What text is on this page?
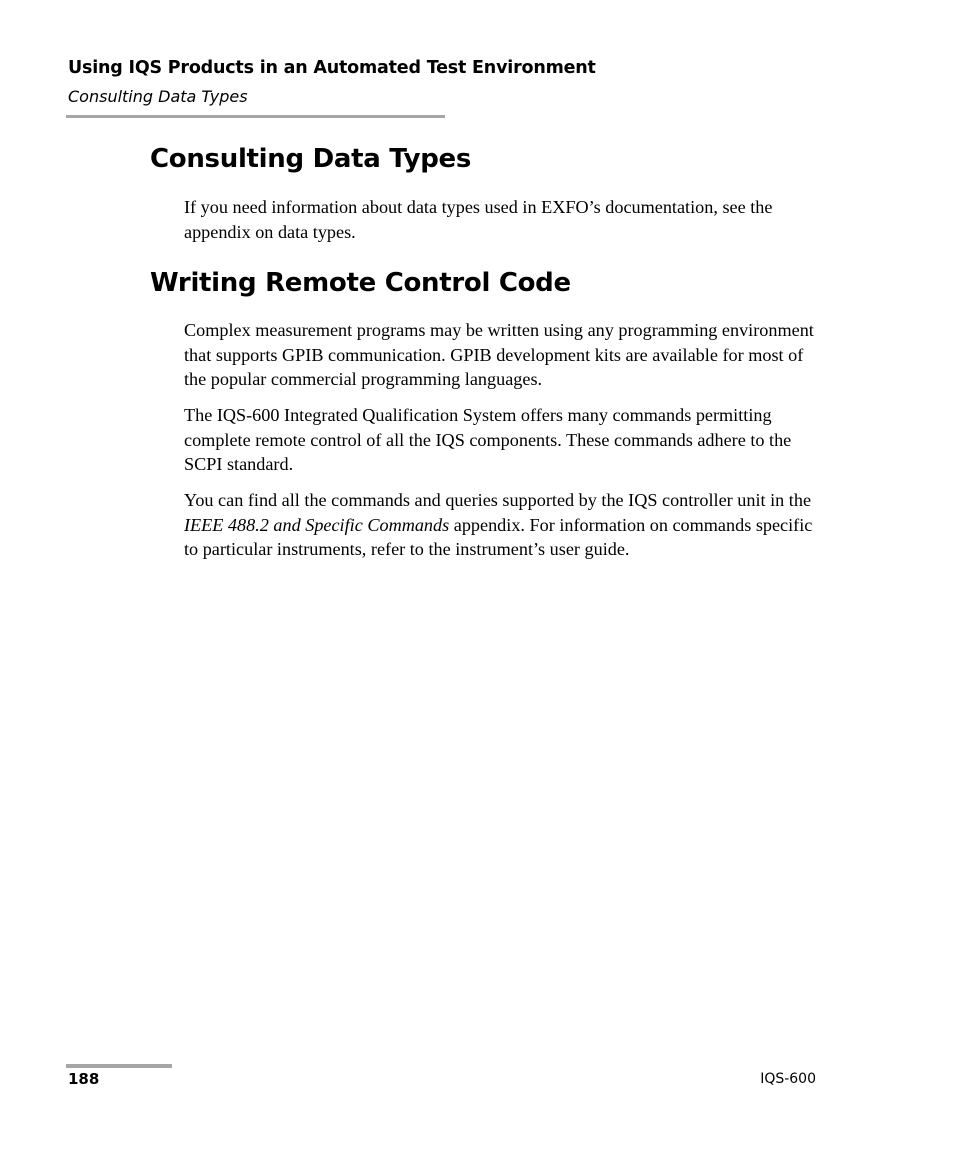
Using IQS Products in an Automated Test Environment
Consulting Data Types
Consulting Data Types

If you need information about data types used in EXFO’s documentation, see the appendix on data types.

Writing Remote Control Code

Complex measurement programs may be written using any programming environment that supports GPIB communication. GPIB development kits are available for most of the popular commercial programming languages.

The IQS-600 Integrated Qualification System offers many commands permitting complete remote control of all the IQS components. These commands adhere to the SCPI standard.

You can find all the commands and queries supported by the IQS controller unit in the IEEE 488.2 and Specific Commands appendix. For information on commands specific to particular instruments, refer to the instrument’s user guide.

188	IQS-600
